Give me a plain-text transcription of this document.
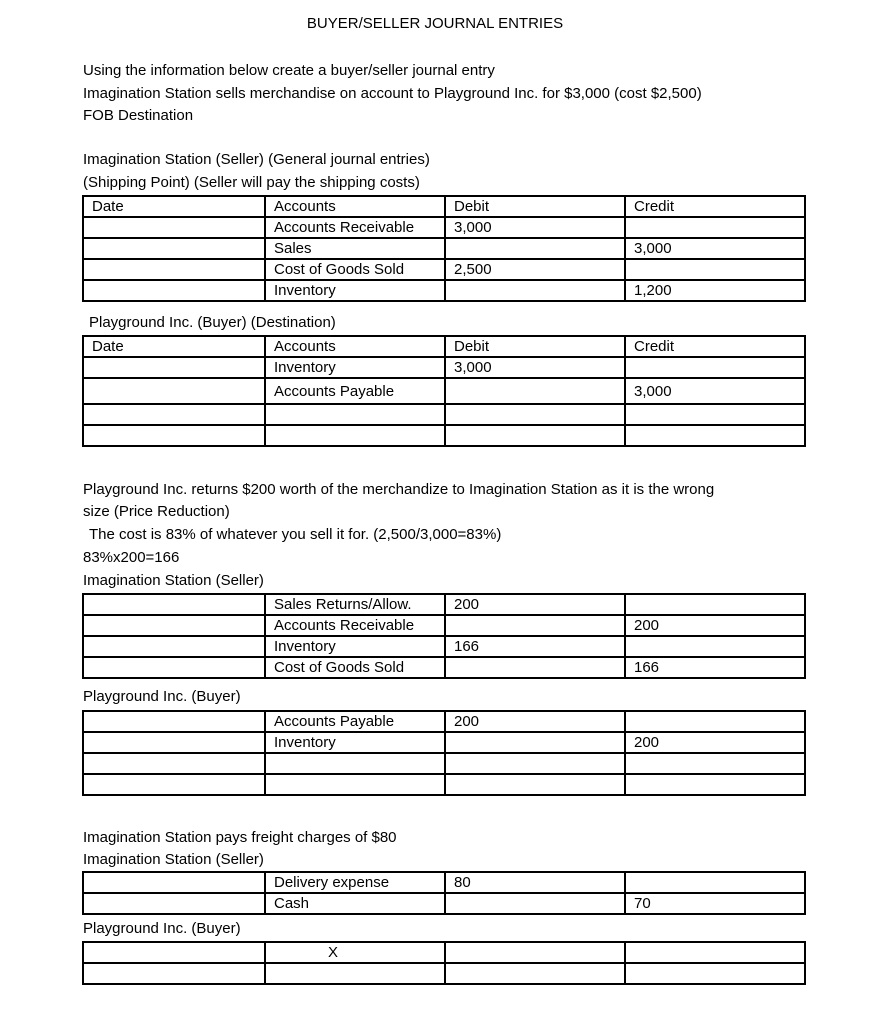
BUYER/SELLER JOURNAL ENTRIES
Using the information below create a buyer/seller journal entry
Imagination Station sells merchandise on account to Playground Inc. for $3,000 (cost $2,500)
FOB Destination
Imagination Station (Seller) (General journal entries)
(Shipping Point) (Seller will pay the shipping costs)
Date	Accounts	Debit	Credit
	Accounts Receivable	3,000	
	Sales		3,000
	Cost of Goods Sold	2,500	
	Inventory		1,200
Playground Inc. (Buyer) (Destination)
Date	Accounts	Debit	Credit
	Inventory	3,000	
	Accounts Payable		3,000

Playground Inc. returns $200 worth of the merchandize to Imagination Station as it is the wrong
size (Price Reduction)
The cost is 83% of whatever you sell it for. (2,500/3,000=83%)
83%x200=166
Imagination Station (Seller)
	Sales Returns/Allow.	200	
	Accounts Receivable		200
	Inventory	166	
	Cost of Goods Sold		166
Playground Inc. (Buyer)
	Accounts Payable	200	
	Inventory		200

Imagination Station pays freight charges of $80
Imagination Station (Seller)
	Delivery expense	80	
	Cash		70
Playground Inc. (Buyer)
	X		
